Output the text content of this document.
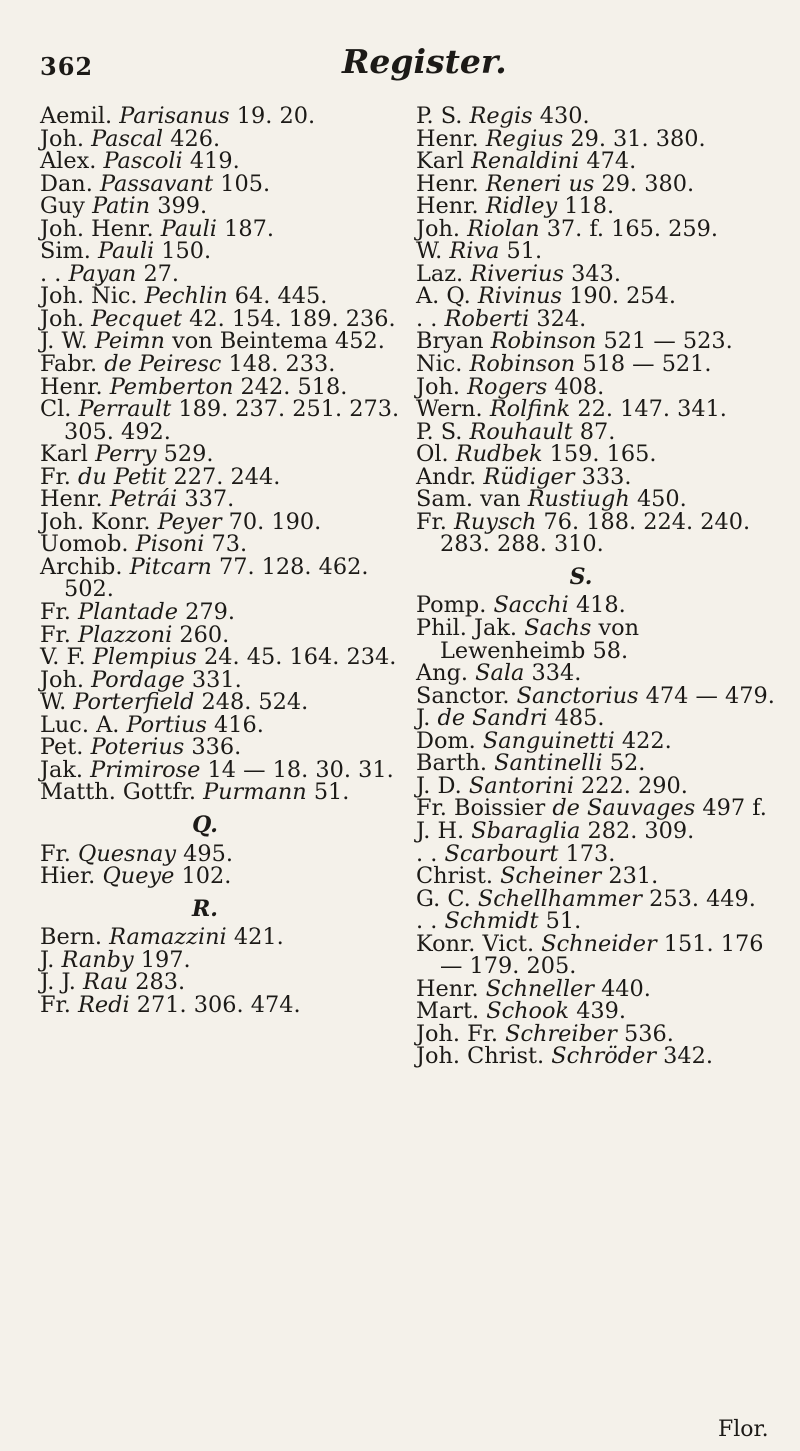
362	Register.
Aemil. Parisanus 19. 20.
Joh. Pascal 426.
Alex. Pascoli 419.
Dan. Passavant 105.
Guy Patin 399.
Joh. Henr. Pauli 187.
Sim. Pauli 150.
. . Payan 27.
Joh. Nic. Pechlin 64. 445.
Joh. Pecquet 42. 154. 189. 236.
J. W. Peimn von Beintema 452.
Fabr. de Peiresc 148. 233.
Henr. Pemberton 242. 518.
Cl. Perrault 189. 237. 251. 273. 305. 492.
Karl Perry 529.
Fr. du Petit 227. 244.
Henr. Petrái 337.
Joh. Konr. Peyer 70. 190.
Uomob. Pisoni 73.
Archib. Pitcarn 77. 128. 462. 502.
Fr. Plantade 279.
Fr. Plazzoni 260.
V. F. Plempius 24. 45. 164. 234.
Joh. Pordage 331.
W. Porterfield 248. 524.
Luc. A. Portius 416.
Pet. Poterius 336.
Jak. Primirose 14 — 18. 30. 31.
Matth. Gottfr. Purmann 51.
Q.
Fr. Quesnay 495.
Hier. Queye 102.
R.
Bern. Ramazzini 421.
J. Ranby 197.
J. J. Rau 283.
Fr. Redi 271. 306. 474.
P. S. Regis 430.
Henr. Regius 29. 31. 380.
Karl Renaldini 474.
Henr. Reneri us 29. 380.
Henr. Ridley 118.
Joh. Riolan 37. f. 165. 259.
W. Riva 51.
Laz. Riverius 343.
A. Q. Rivinus 190. 254.
. . Roberti 324.
Bryan Robinson 521 — 523.
Nic. Robinson 518 — 521.
Joh. Rogers 408.
Wern. Rolfink 22. 147. 341.
P. S. Rouhault 87.
Ol. Rudbek 159. 165.
Andr. Rüdiger 333.
Sam. van Rustiugh 450.
Fr. Ruysch 76. 188. 224. 240. 283. 288. 310.
S.
Pomp. Sacchi 418.
Phil. Jak. Sachs von Lewenheimb 58.
Ang. Sala 334.
Sanctor. Sanctorius 474 — 479.
J. de Sandri 485.
Dom. Sanguinetti 422.
Barth. Santinelli 52.
J. D. Santorini 222. 290.
Fr. Boissier de Sauvages 497 f.
J. H. Sbaraglia 282. 309.
. . Scarbourt 173.
Christ. Scheiner 231.
G. C. Schellhammer 253. 449.
. . Schmidt 51.
Konr. Vict. Schneider 151. 176 — 179. 205.
Henr. Schneller 440.
Mart. Schook 439.
Joh. Fr. Schreiber 536.
Joh. Christ. Schröder 342.
Flor.
